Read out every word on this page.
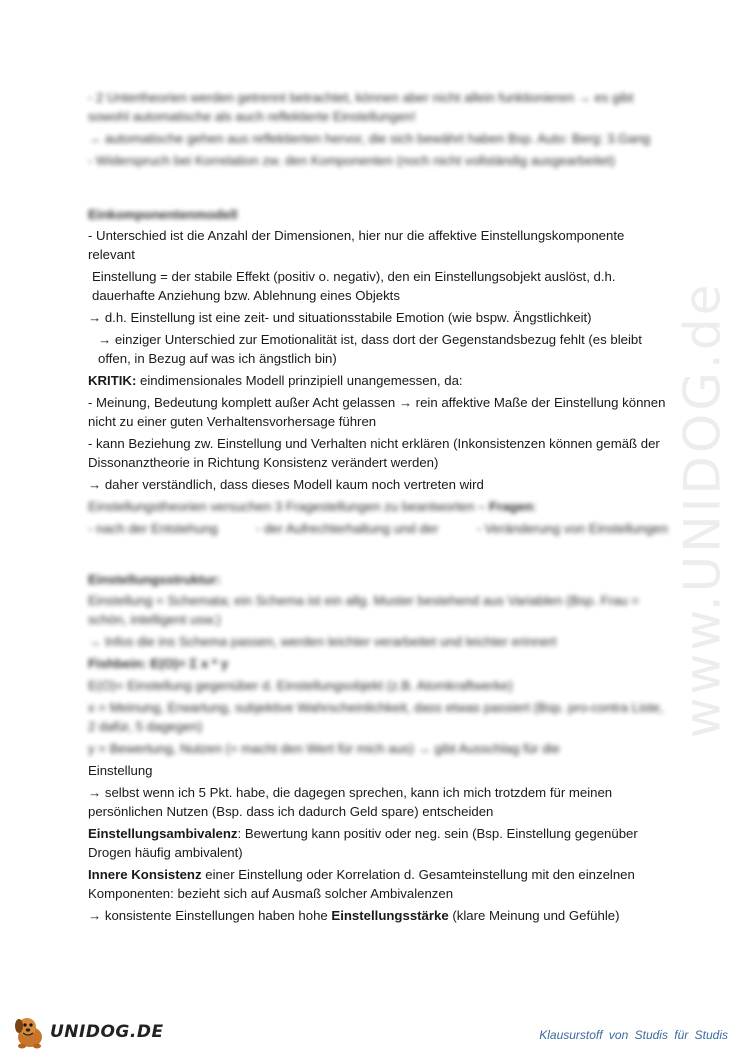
- 2 Untertheorien werden getrennt betrachtet, können aber nicht allein funktionieren → es gibt sowohl automatische als auch reflektierte Einstellungen!

→ automatische gehen aus reflektierten hervor, die sich bewährt haben Bsp. Auto: Berg: 3.Gang

- Widerspruch bei Korrelation zw. den Komponenten (noch nicht vollständig ausgearbeitet)

Einkomponentenmodell

- Unterschied ist die Anzahl der Dimensionen, hier nur die affektive Einstellungskomponente relevant

Einstellung = der stabile Effekt (positiv o. negativ), den ein Einstellungsobjekt auslöst, d.h. dauerhafte Anziehung bzw. Ablehnung eines Objekts

→ d.h. Einstellung ist eine zeit- und situationsstabile Emotion (wie bspw. Ängstlichkeit)

→ einziger Unterschied zur Emotionalität ist, dass dort der Gegenstandsbezug fehlt (es bleibt offen, in Bezug auf was ich ängstlich bin)

KRITIK: eindimensionales Modell prinzipiell unangemessen, da:

- Meinung, Bedeutung komplett außer Acht gelassen → rein affektive Maße der Einstellung können nicht zu einer guten Verhaltensvorhersage führen

- kann Beziehung zw. Einstellung und Verhalten nicht erklären (Inkonsistenzen können gemäß der Dissonanztheorie in Richtung Konsistenz verändert werden)

→ daher verständlich, dass dieses Modell kaum noch vertreten wird

Einstellungstheorien versuchen 3 Fragestellungen zu beantworten – Fragen:

- nach der Entstehung	- der Aufrechterhaltung und der	- Veränderung von Einstellungen
Einstellungsstruktur:

Einstellung = Schemata; ein Schema ist ein allg. Muster bestehend aus Variablen (Bsp. Frau = schön, intelligent usw.)

→ Infos die ins Schema passen, werden leichter verarbeitet und leichter erinnert

Fishbein: E(O)= Σ x * y

E(O)= Einstellung gegenüber d. Einstellungsobjekt (z.B. Atomkraftwerke)

x = Meinung, Erwartung, subjektive Wahrscheinlichkeit, dass etwas passiert (Bsp. pro-contra Liste, 2 dafür, 5 dagegen)

y = Bewertung, Nutzen (= macht den Wert für mich aus) → gibt Ausschlag für die

Einstellung

→ selbst wenn ich 5 Pkt. habe, die dagegen sprechen, kann ich mich trotzdem für meinen persönlichen Nutzen (Bsp. dass ich dadurch Geld spare) entscheiden

Einstellungsambivalenz: Bewertung kann positiv oder neg. sein (Bsp. Einstellung gegenüber Drogen häufig ambivalent)

Innere Konsistenz einer Einstellung oder Korrelation d. Gesamteinstellung mit den einzelnen Komponenten: bezieht sich auf Ausmaß solcher Ambivalenzen

→ konsistente Einstellungen haben hohe Einstellungsstärke (klare Meinung und Gefühle)

www.UNIDOG.de
UNIDOG.DE	Klausurstoff von Studis für Studis
